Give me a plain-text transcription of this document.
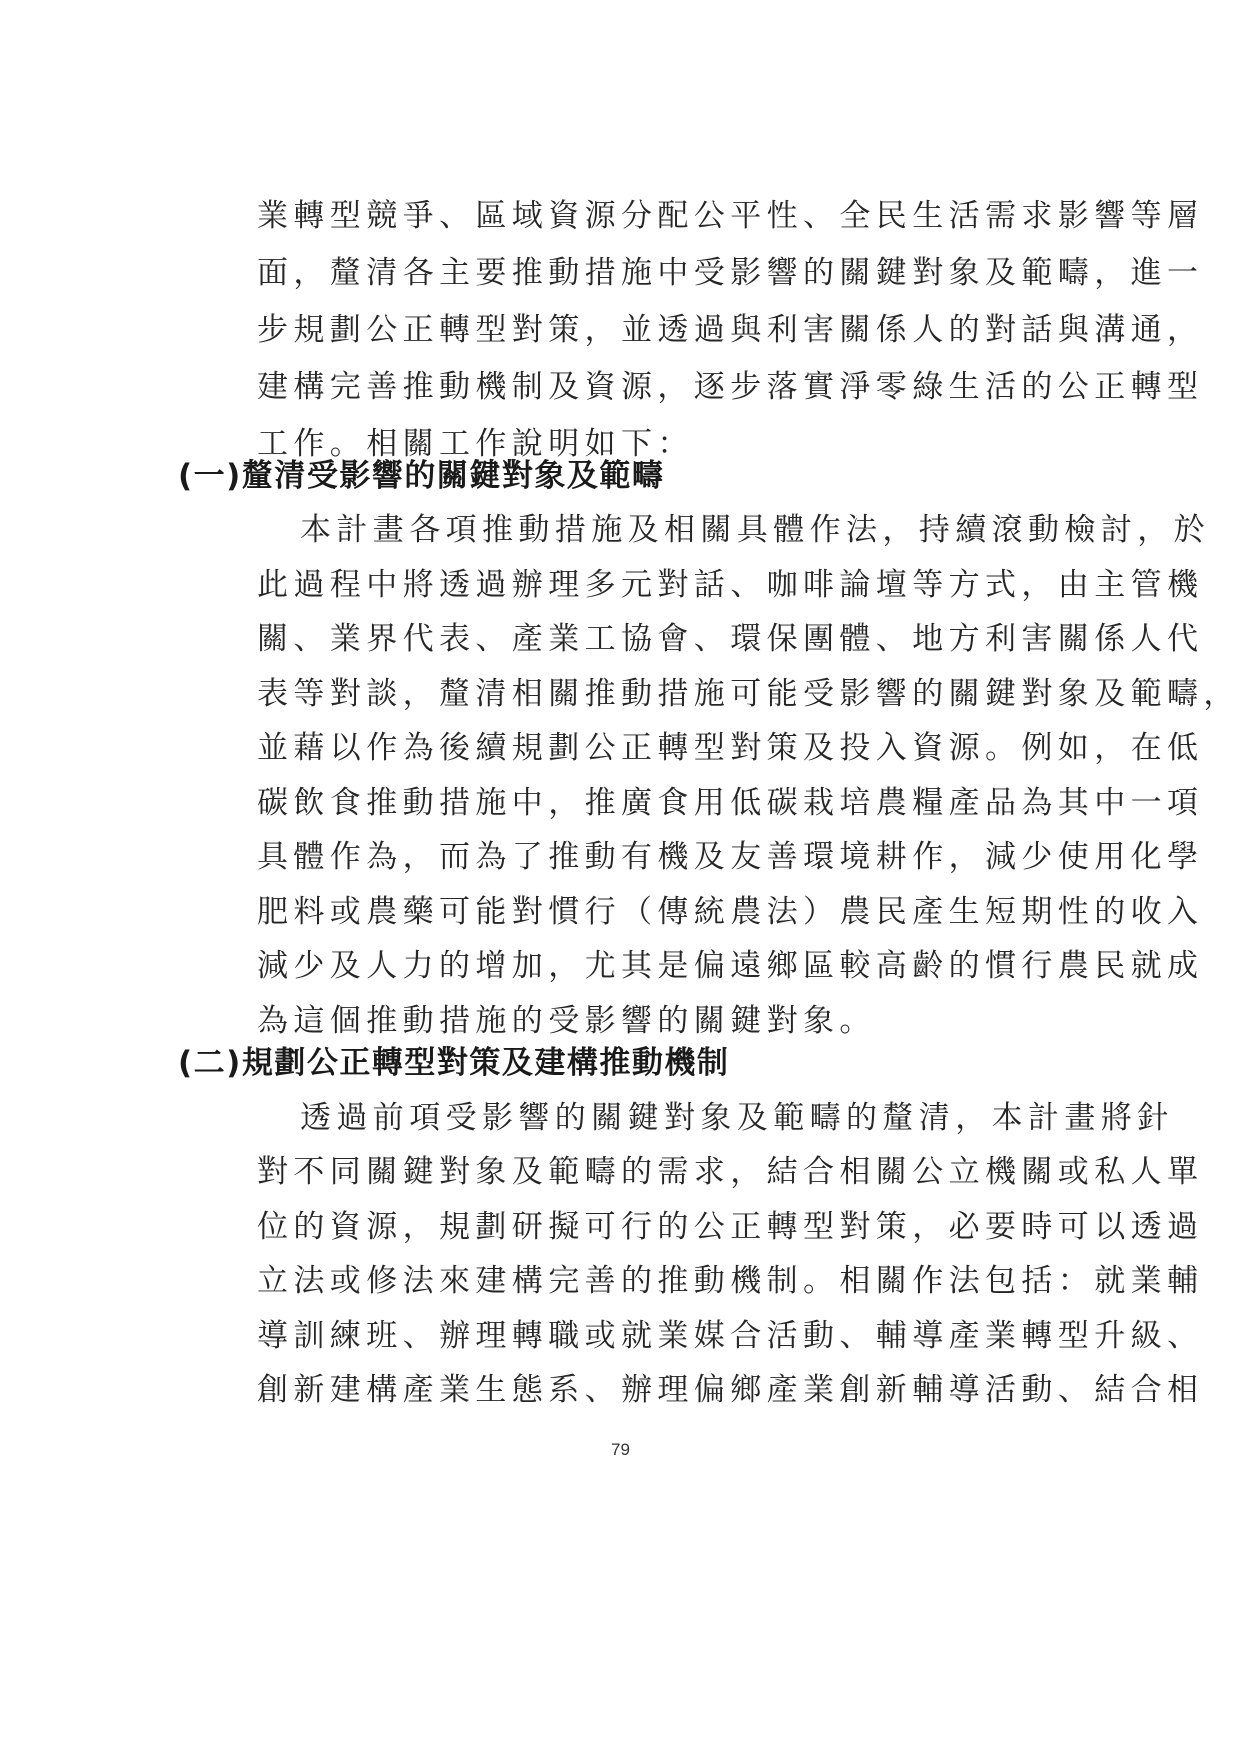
業轉型競爭、區域資源分配公平性、全民生活需求影響等層
面，釐清各主要推動措施中受影響的關鍵對象及範疇，進一
步規劃公正轉型對策，並透過與利害關係人的對話與溝通，
建構完善推動機制及資源，逐步落實淨零綠生活的公正轉型
工作。相關工作說明如下：
(一)釐清受影響的關鍵對象及範疇
本計畫各項推動措施及相關具體作法，持續滾動檢討，於
此過程中將透過辦理多元對話、咖啡論壇等方式，由主管機
關、業界代表、產業工協會、環保團體、地方利害關係人代
表等對談，釐清相關推動措施可能受影響的關鍵對象及範疇，
並藉以作為後續規劃公正轉型對策及投入資源。例如，在低
碳飲食推動措施中，推廣食用低碳栽培農糧產品為其中一項
具體作為，而為了推動有機及友善環境耕作，減少使用化學
肥料或農藥可能對慣行（傳統農法）農民產生短期性的收入
減少及人力的增加，尤其是偏遠鄉區較高齡的慣行農民就成
為這個推動措施的受影響的關鍵對象。
(二)規劃公正轉型對策及建構推動機制
透過前項受影響的關鍵對象及範疇的釐清，本計畫將針
對不同關鍵對象及範疇的需求，結合相關公立機關或私人單
位的資源，規劃研擬可行的公正轉型對策，必要時可以透過
立法或修法來建構完善的推動機制。相關作法包括：就業輔
導訓練班、辦理轉職或就業媒合活動、輔導產業轉型升級、
創新建構產業生態系、辦理偏鄉產業創新輔導活動、結合相
79
